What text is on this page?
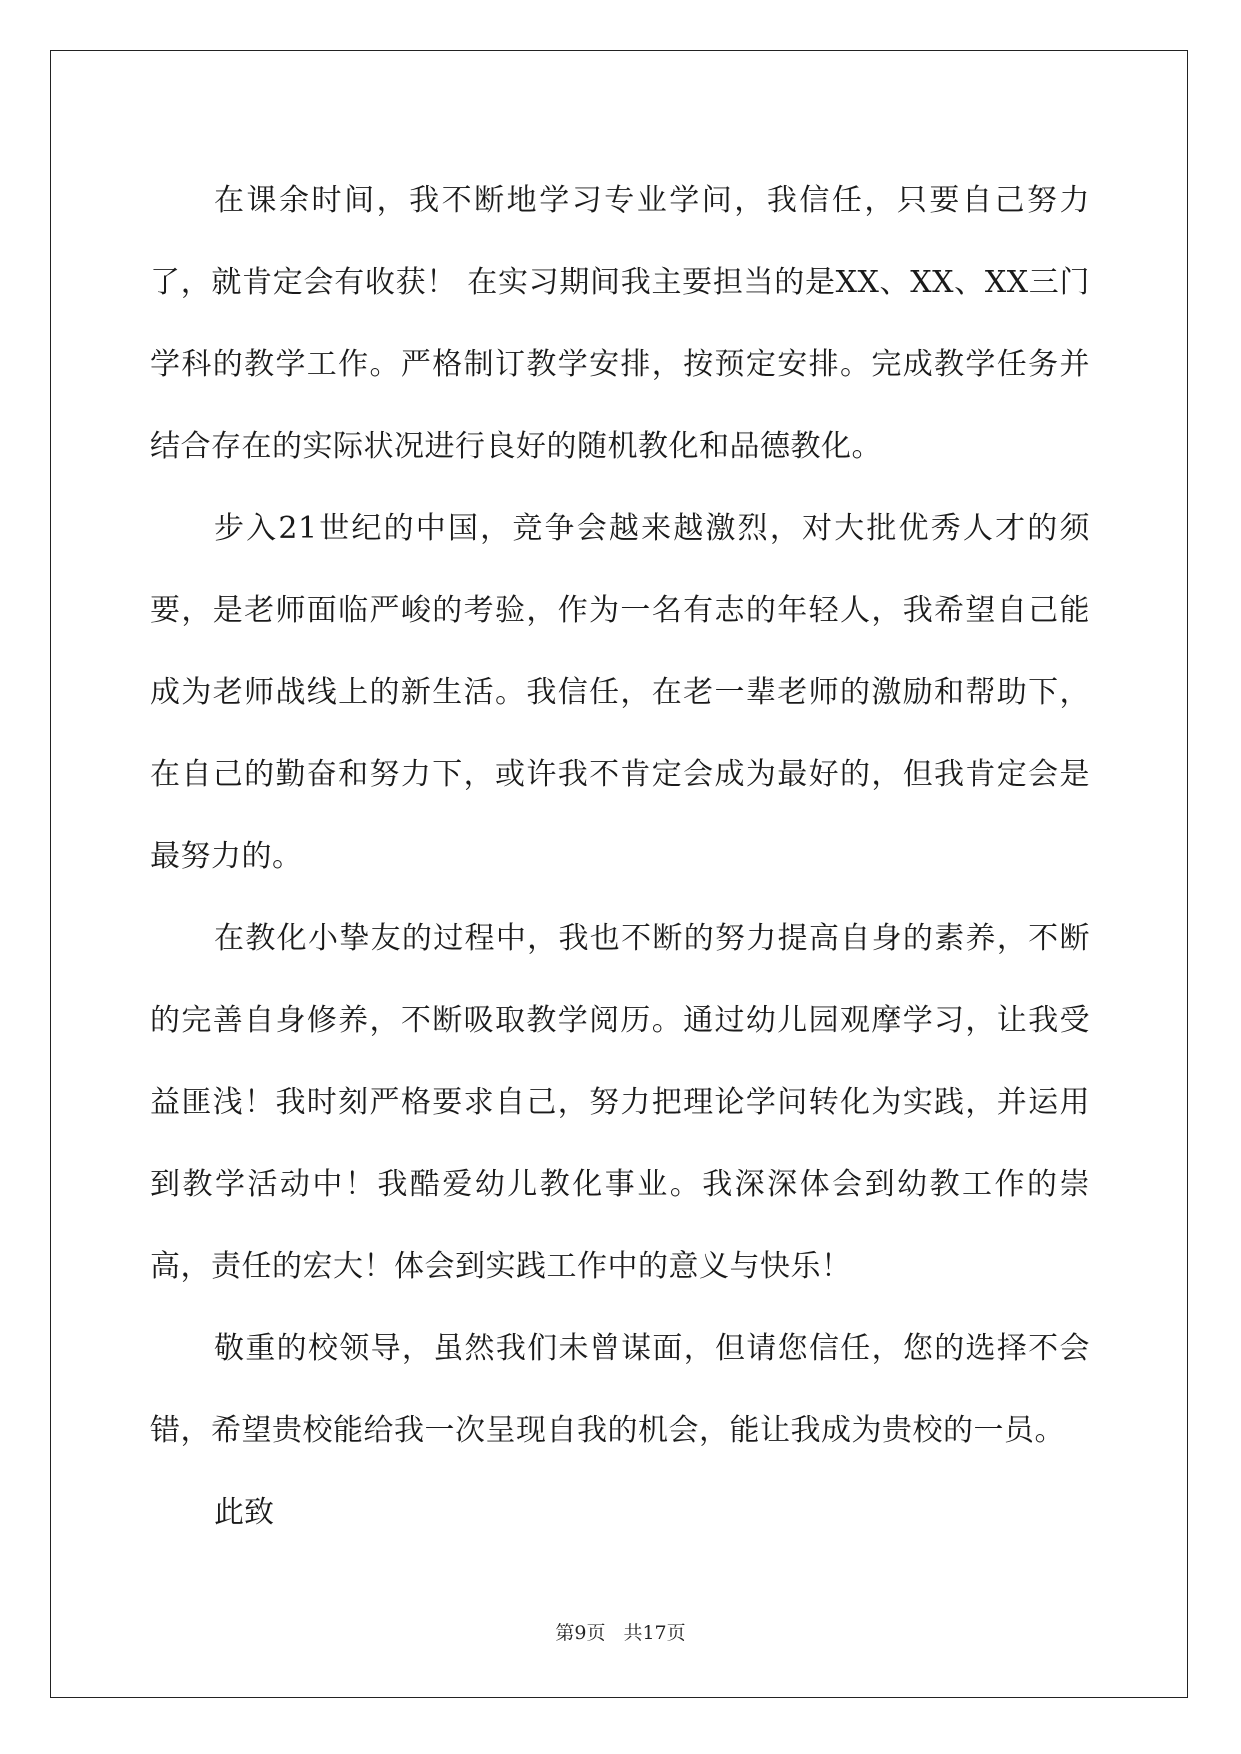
在课余时间，我不断地学习专业学问，我信任，只要自己努力了，就肯定会有收获！ 在实习期间我主要担当的是XX、XX、XX三门学科的教学工作。严格制订教学安排，按预定安排。完成教学任务并结合存在的实际状况进行良好的随机教化和品德教化。

步入21世纪的中国，竞争会越来越激烈，对大批优秀人才的须要，是老师面临严峻的考验，作为一名有志的年轻人，我希望自己能成为老师战线上的新生活。我信任，在老一辈老师的激励和帮助下，在自己的勤奋和努力下，或许我不肯定会成为最好的，但我肯定会是最努力的。

在教化小挚友的过程中，我也不断的努力提高自身的素养，不断的完善自身修养，不断吸取教学阅历。通过幼儿园观摩学习，让我受益匪浅！我时刻严格要求自己，努力把理论学问转化为实践，并运用到教学活动中！我酷爱幼儿教化事业。我深深体会到幼教工作的崇高，责任的宏大！体会到实践工作中的意义与快乐！

敬重的校领导，虽然我们未曾谋面，但请您信任，您的选择不会错，希望贵校能给我一次呈现自我的机会，能让我成为贵校的一员。

此致

第9页 共17页
